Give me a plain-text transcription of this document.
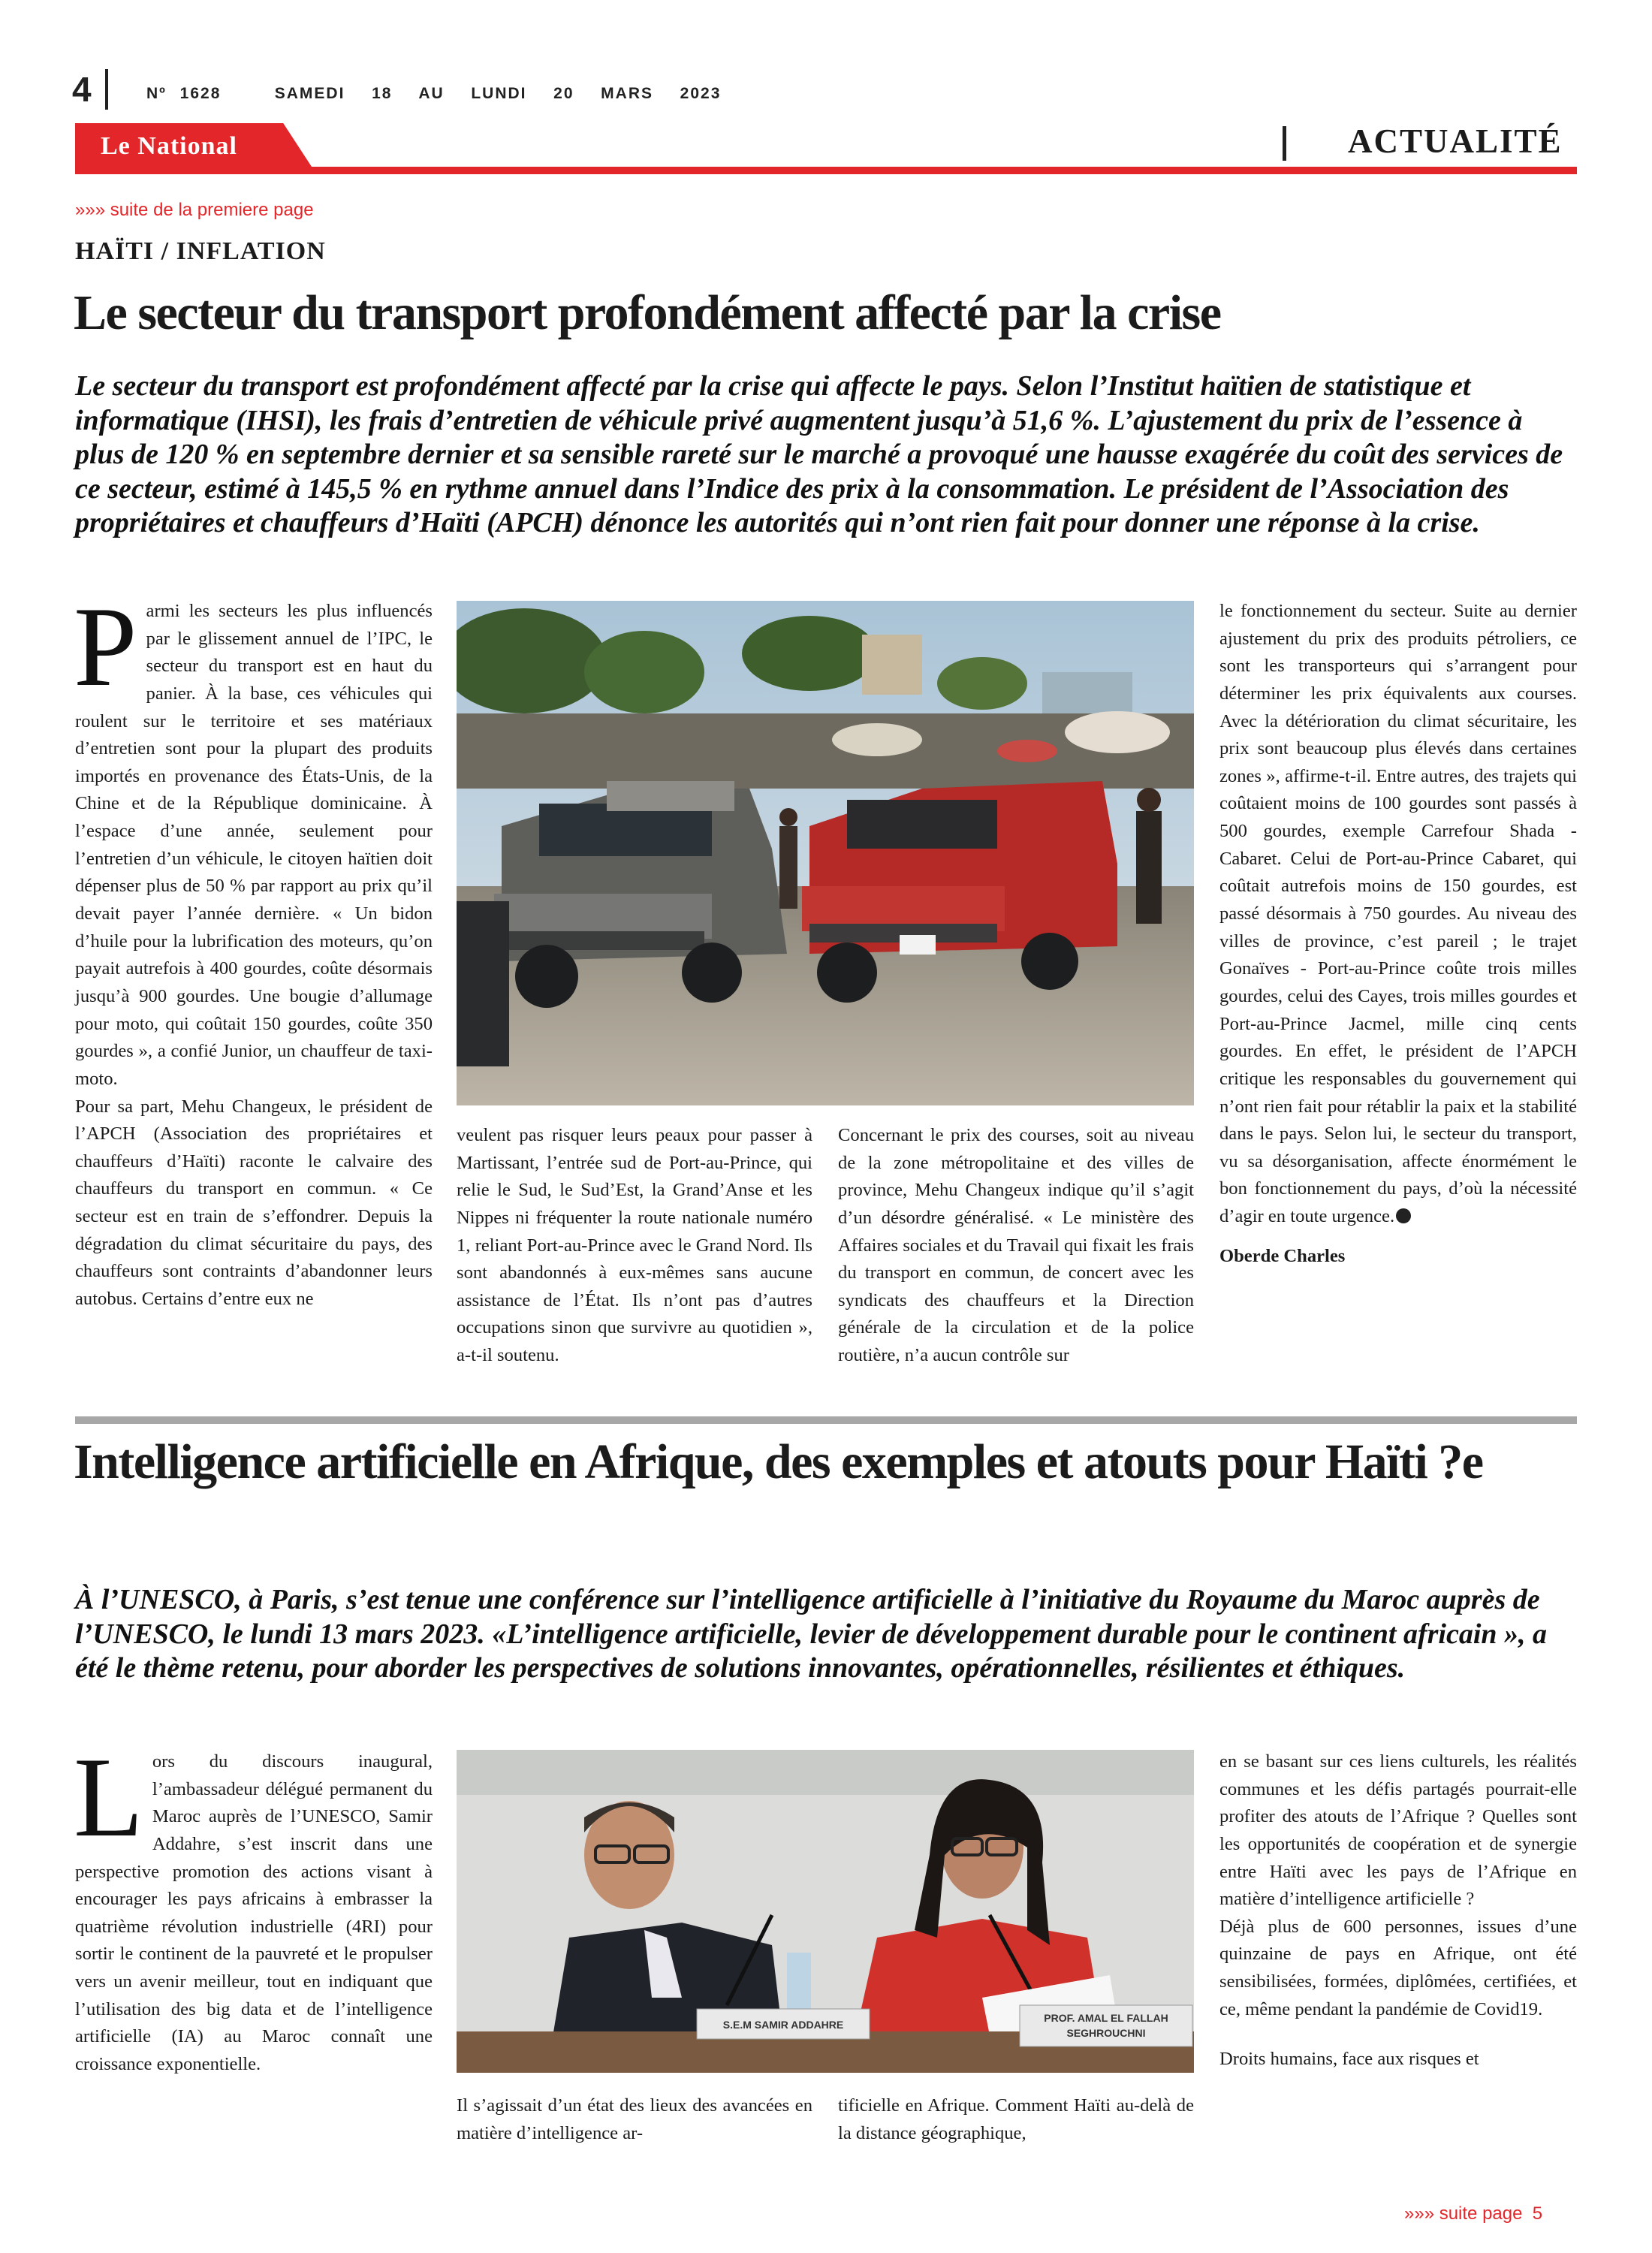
4	Nº 1628	SAMEDI  18  AU  LUNDI  20  MARS  2023
Le National	ACTUALITÉ
»»» suite de la premiere page
HAÏTI / INFLATION
Le secteur du transport profondément affecté par la crise

Le secteur du transport est profondément affecté par la crise qui affecte le pays. Selon l’Institut haïtien de statistique et informatique (IHSI), les frais d’entretien de véhicule privé augmentent jusqu’à 51,6 %. L’ajustement du prix de l’essence à plus de 120 % en septembre dernier et sa sensible rareté sur le marché a provoqué une hausse exagérée du coût des services de ce secteur, estimé à 145,5 % en rythme annuel dans l’Indice des prix à la consommation. Le président de l’Association des propriétaires et chauffeurs d’Haïti (APCH) dénonce les autorités qui n’ont rien fait pour donner une réponse à la crise.

Parmi les secteurs les plus influencés par le glissement annuel de l’IPC, le secteur du transport est en haut du panier. À la base, ces véhicules qui roulent sur le territoire et ses matériaux d’entretien sont pour la plupart des produits importés en provenance des États-Unis, de la Chine et de la République dominicaine. À l’espace d’une année, seulement pour l’entretien d’un véhicule, le citoyen haïtien doit dépenser plus de 50 % par rapport au prix qu’il devait payer l’année dernière. « Un bidon d’huile pour la lubrification des moteurs, qu’on payait autrefois à 400 gourdes, coûte désormais jusqu’à 900 gourdes. Une bougie d’allumage pour moto, qui coûtait 150 gourdes, coûte 350 gourdes », a confié Junior, un chauffeur de taxi-moto.

Pour sa part, Mehu Changeux, le président de l’APCH (Association des propriétaires et chauffeurs d’Haïti) raconte le calvaire des chauffeurs du transport en commun. « Ce secteur est en train de s’effondrer. Depuis la dégradation du climat sécuritaire du pays, des chauffeurs sont contraints d’abandonner leurs autobus. Certains d’entre eux ne

veulent pas risquer leurs peaux pour passer à Martissant, l’entrée sud de Port-au-Prince, qui relie le Sud, le Sud’Est, la Grand’Anse et les Nippes ni fréquenter la route nationale numéro 1, reliant Port-au-Prince avec le Grand Nord. Ils sont abandonnés à eux-mêmes sans aucune assistance de l’État. Ils n’ont pas d’autres occupations sinon que survivre au quotidien », a-t-il soutenu.

Concernant le prix des courses, soit au niveau de la zone métropolitaine et des villes de province, Mehu Changeux indique qu’il s’agit d’un désordre généralisé. « Le ministère des Affaires sociales et du Travail qui fixait les frais du transport en commun, de concert avec les syndicats des chauffeurs et la Direction générale de la circulation et de la police routière, n’a aucun contrôle sur

le fonctionnement du secteur. Suite au dernier ajustement du prix des produits pétroliers, ce sont les transporteurs qui s’arrangent pour déterminer les prix équivalents aux courses. Avec la détérioration du climat sécuritaire, les prix sont beaucoup plus élevés dans certaines zones », affirme-t-il. Entre autres, des trajets qui coûtaient moins de 100 gourdes sont passés à 500 gourdes, exemple Carrefour Shada - Cabaret. Celui de Port-au-Prince Cabaret, qui coûtait autrefois moins de 150 gourdes, est passé désormais à 750 gourdes. Au niveau des villes de province, c’est pareil ; le trajet Gonaïves - Port-au-Prince coûte trois milles gourdes, celui des Cayes, trois milles gourdes et Port-au-Prince Jacmel, mille cinq cents gourdes. En effet, le président de l’APCH critique les responsables du gouvernement qui n’ont rien fait pour rétablir la paix et la stabilité dans le pays. Selon lui, le secteur du transport, vu sa désorganisation, affecte énormément le bon fonctionnement du pays, d’où la nécessité d’agir en toute urgence.

Oberde Charles

Intelligence artificielle en Afrique, des exemples et atouts pour Haïti ?e

À l’UNESCO, à Paris, s’est tenue une conférence sur l’intelligence artificielle à l’initiative du Royaume du Maroc auprès de l’UNESCO, le lundi 13 mars 2023. «L’intelligence artificielle, levier de développement durable pour le continent africain », a été le thème retenu, pour aborder les perspectives de solutions innovantes, opérationnelles, résilientes et éthiques.

Lors du discours inaugural, l’ambassadeur délégué permanent du Maroc auprès de l’UNESCO, Samir Addahre, s’est inscrit dans une perspective promotion des actions visant à encourager les pays africains à embrasser la quatrième révolution industrielle (4RI) pour sortir le continent de la pauvreté et le propulser vers un avenir meilleur, tout en indiquant que l’utilisation des big data et de l’intelligence artificielle (IA) au Maroc connaît une croissance exponentielle.

S.E.M SAMIR ADDAHRE
PROF. AMAL EL FALLAH
SEGHROUCHNI

Il s’agissait d’un état des lieux des avancées en matière d’intelligence ar-

tificielle en Afrique. Comment Haïti au-delà de la distance géographique,

en se basant sur ces liens culturels, les réalités communes et les défis partagés pourrait-elle profiter des atouts de l’Afrique ? Quelles sont les opportunités de coopération et de synergie entre Haïti avec les pays de l’Afrique en matière d’intelligence artificielle ?

Déjà plus de 600 personnes, issues d’une quinzaine de pays en Afrique, ont été sensibilisées, formées, diplômées, certifiées, et ce, même pendant la pandémie de Covid19.

Droits humains, face aux risques et

»»» suite page  5
